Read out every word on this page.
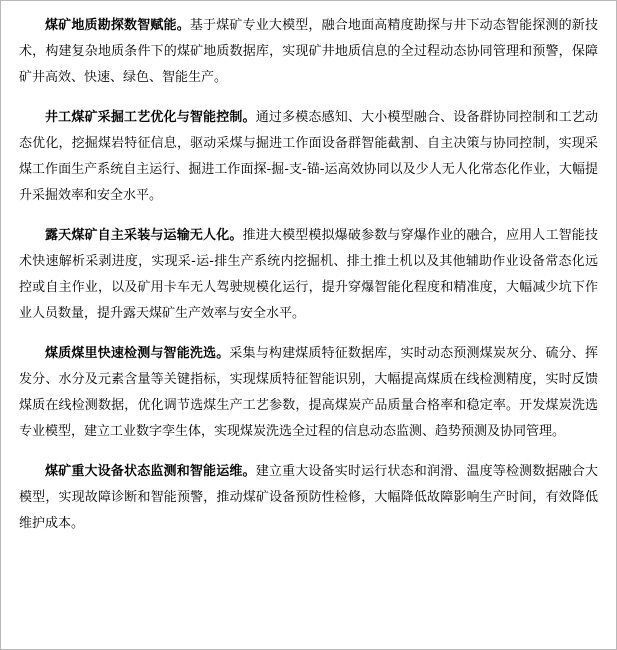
煤矿地质勘探数智赋能。基于煤矿专业大模型，融合地面高精度勘探与井下动态智能探测的新技术，构建复杂地质条件下的煤矿地质数据库，实现矿井地质信息的全过程动态协同管理和预警，保障矿井高效、快速、绿色、智能生产。

井工煤矿采掘工艺优化与智能控制。通过多模态感知、大小模型融合、设备群协同控制和工艺动态优化，挖掘煤岩特征信息，驱动采煤与掘进工作面设备群智能截割、自主决策与协同控制，实现采煤工作面生产系统自主运行、掘进工作面探-掘-支-锚-运高效协同以及少人无人化常态化作业，大幅提升采掘效率和安全水平。

露天煤矿自主采装与运输无人化。推进大模型模拟爆破参数与穿爆作业的融合，应用人工智能技术快速解析采剥进度，实现采-运-排生产系统内挖掘机、排土推土机以及其他辅助作业设备常态化远控或自主作业，以及矿用卡车无人驾驶规模化运行，提升穿爆智能化程度和精准度，大幅减少坑下作业人员数量，提升露天煤矿生产效率与安全水平。

煤质煤里快速检测与智能洗选。采集与构建煤质特征数据库，实时动态预测煤炭灰分、硫分、挥发分、水分及元素含量等关键指标，实现煤质特征智能识别，大幅提高煤质在线检测精度，实时反馈煤质在线检测数据，优化调节选煤生产工艺参数，提高煤炭产品质量合格率和稳定率。开发煤炭洗选专业模型，建立工业数字孪生体，实现煤炭洗选全过程的信息动态监测、趋势预测及协同管理。

煤矿重大设备状态监测和智能运维。建立重大设备实时运行状态和润滑、温度等检测数据融合大模型，实现故障诊断和智能预警，推动煤矿设备预防性检修，大幅降低故障影响生产时间，有效降低维护成本。
